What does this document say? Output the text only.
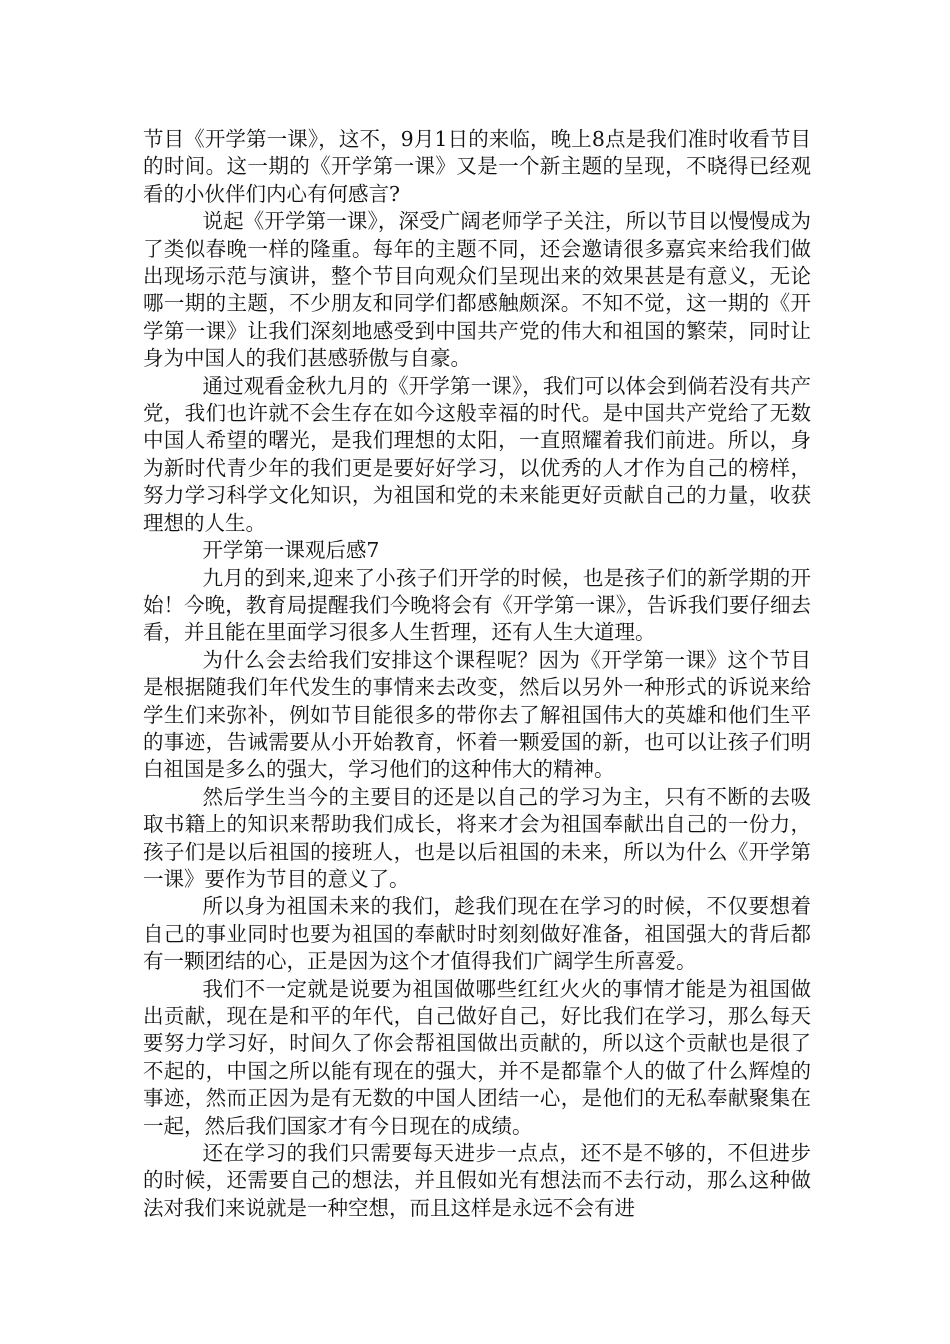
节目《开学第一课》，这不，9月1日的来临，晚上8点是我们准时收看节目的时间。这一期的《开学第一课》又是一个新主题的呈现，不晓得已经观看的小伙伴们内心有何感言?

说起《开学第一课》，深受广阔老师学子关注，所以节目以慢慢成为了类似春晚一样的隆重。每年的主题不同，还会邀请很多嘉宾来给我们做出现场示范与演讲，整个节目向观众们呈现出来的效果甚是有意义，无论哪一期的主题，不少朋友和同学们都感触颇深。不知不觉，这一期的《开学第一课》让我们深刻地感受到中国共产党的伟大和祖国的繁荣，同时让身为中国人的我们甚感骄傲与自豪。

通过观看金秋九月的《开学第一课》，我们可以体会到倘若没有共产党，我们也许就不会生存在如今这般幸福的时代。是中国共产党给了无数中国人希望的曙光，是我们理想的太阳，一直照耀着我们前进。所以，身为新时代青少年的我们更是要好好学习，以优秀的人才作为自己的榜样，努力学习科学文化知识，为祖国和党的未来能更好贡献自己的力量，收获理想的人生。

开学第一课观后感7

九月的到来,迎来了小孩子们开学的时候，也是孩子们的新学期的开始！今晚，教育局提醒我们今晚将会有《开学第一课》，告诉我们要仔细去看，并且能在里面学习很多人生哲理，还有人生大道理。

为什么会去给我们安排这个课程呢？因为《开学第一课》这个节目是根据随我们年代发生的事情来去改变，然后以另外一种形式的诉说来给学生们来弥补，例如节目能很多的带你去了解祖国伟大的英雄和他们生平的事迹，告诫需要从小开始教育，怀着一颗爱国的新，也可以让孩子们明白祖国是多么的强大，学习他们的这种伟大的精神。

然后学生当今的主要目的还是以自己的学习为主，只有不断的去吸取书籍上的知识来帮助我们成长，将来才会为祖国奉献出自己的一份力，孩子们是以后祖国的接班人，也是以后祖国的未来，所以为什么《开学第一课》要作为节目的意义了。

所以身为祖国未来的我们，趁我们现在在学习的时候，不仅要想着自己的事业同时也要为祖国的奉献时时刻刻做好准备，祖国强大的背后都有一颗团结的心，正是因为这个才值得我们广阔学生所喜爱。

我们不一定就是说要为祖国做哪些红红火火的事情才能是为祖国做出贡献，现在是和平的年代，自己做好自己，好比我们在学习，那么每天要努力学习好，时间久了你会帮祖国做出贡献的，所以这个贡献也是很了不起的，中国之所以能有现在的强大，并不是都靠个人的做了什么辉煌的事迹，然而正因为是有无数的中国人团结一心，是他们的无私奉献聚集在一起，然后我们国家才有今日现在的成绩。

还在学习的我们只需要每天进步一点点，还不是不够的，不但进步的时候，还需要自己的想法，并且假如光有想法而不去行动，那么这种做法对我们来说就是一种空想，而且这样是永远不会有进
